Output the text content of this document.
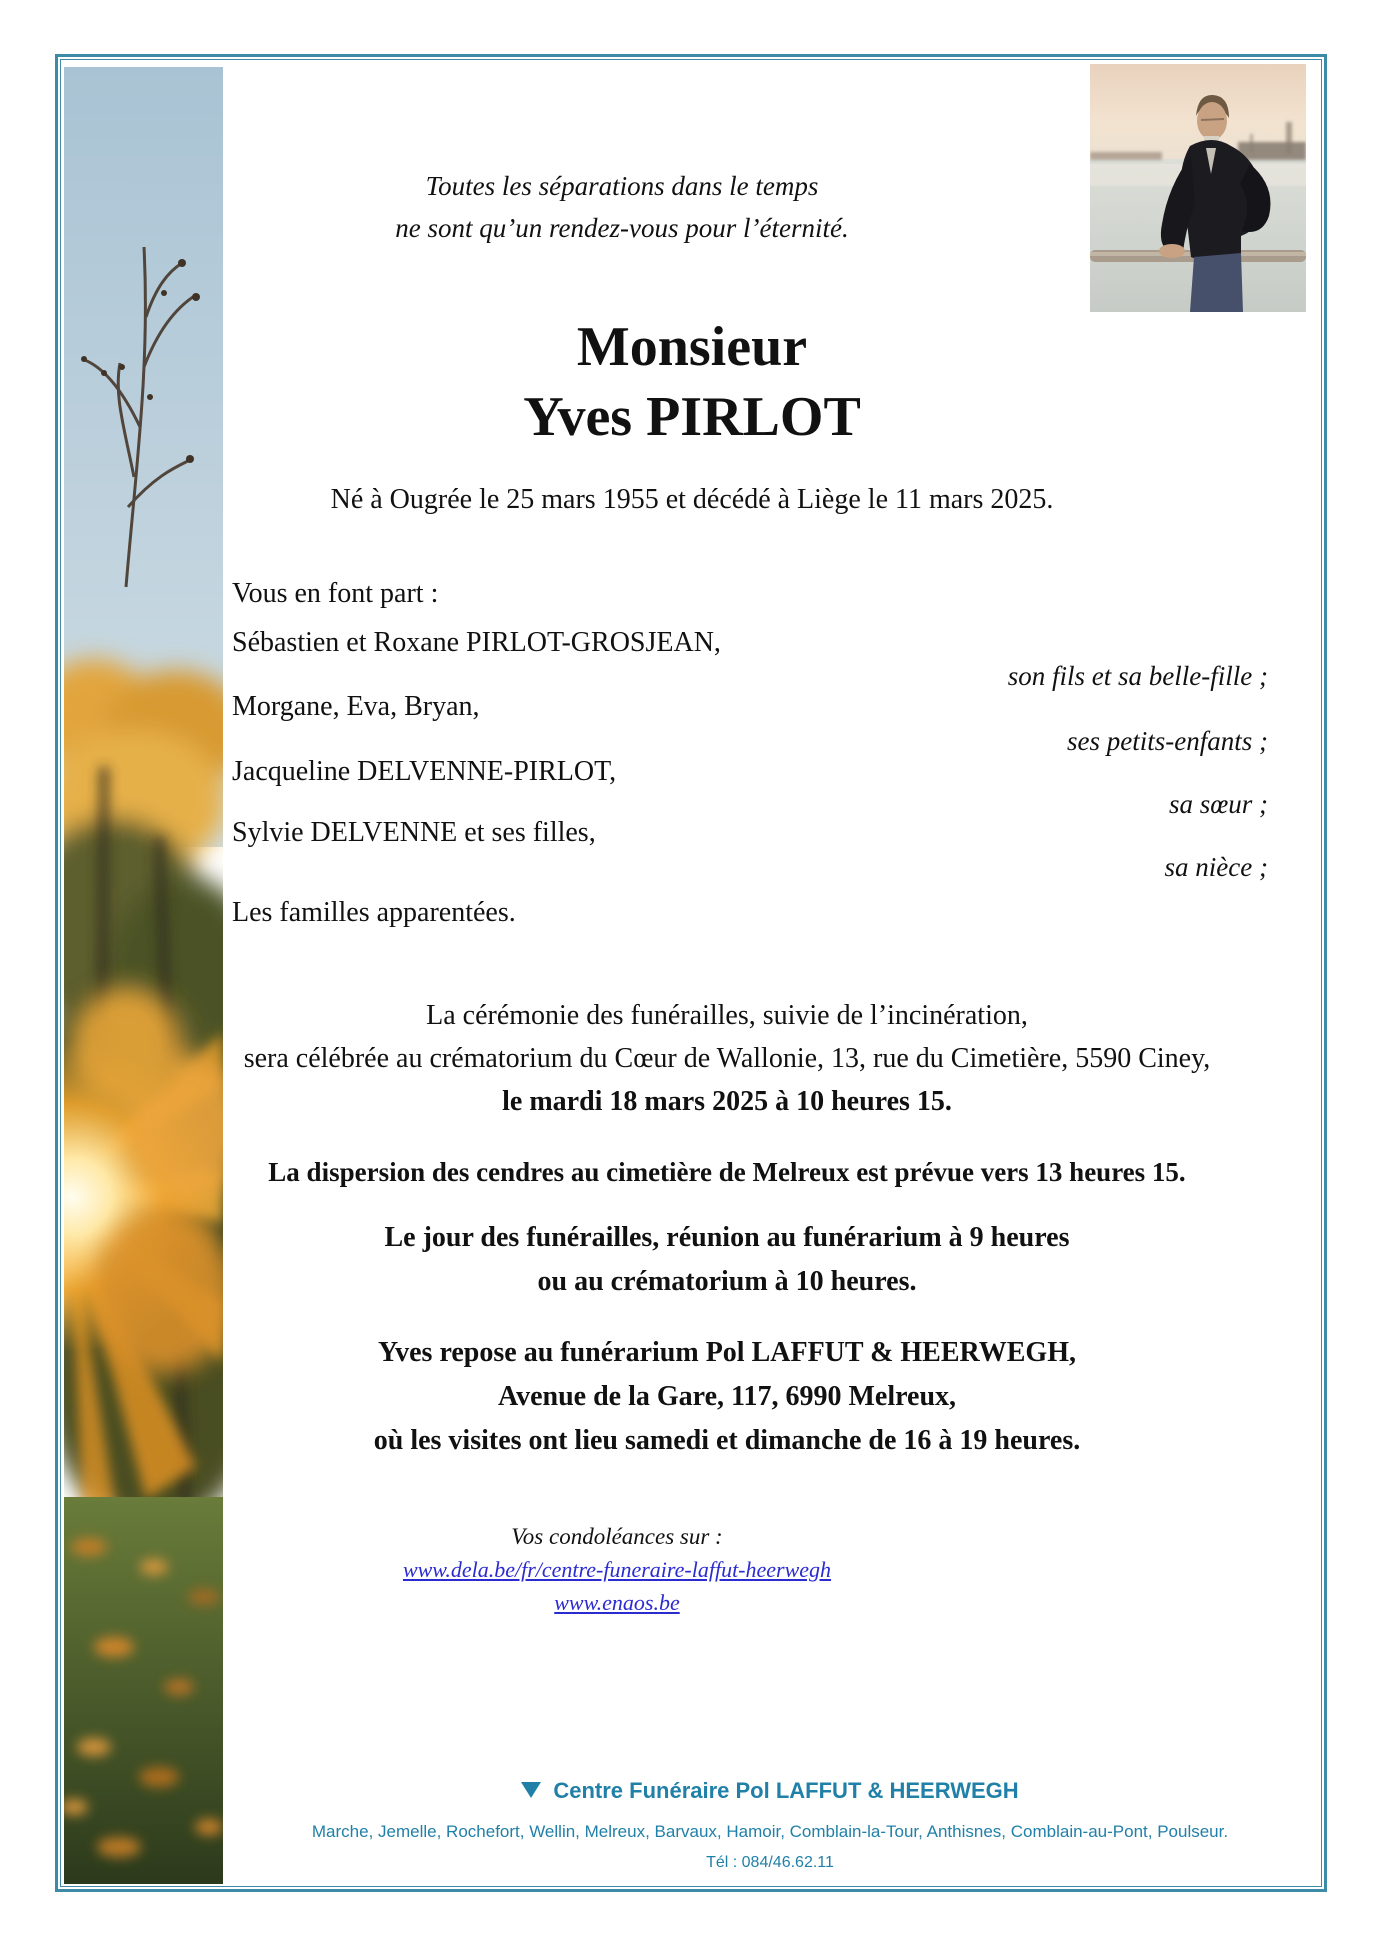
Toutes les séparations dans le temps
ne sont qu’un rendez-vous pour l’éternité.
Monsieur
Yves PIRLOT
Né à Ougrée le 25 mars 1955 et décédé à Liège le 11 mars 2025.
Vous en font part :
Sébastien et Roxane PIRLOT-GROSJEAN,
son fils et sa belle-fille ;
Morgane, Eva, Bryan,
ses petits-enfants ;
Jacqueline DELVENNE-PIRLOT,
sa sœur ;
Sylvie DELVENNE et ses filles,
sa nièce ;
Les familles apparentées.
La cérémonie des funérailles, suivie de l’incinération,
sera célébrée au crématorium du Cœur de Wallonie, 13, rue du Cimetière, 5590 Ciney,
le mardi 18 mars 2025 à 10 heures 15.
La dispersion des cendres au cimetière de Melreux est prévue vers 13 heures 15.
Le jour des funérailles, réunion au funérarium à 9 heures
ou au crématorium à 10 heures.
Yves repose au funérarium Pol LAFFUT & HEERWEGH,
Avenue de la Gare, 117, 6990 Melreux,
où les visites ont lieu samedi et dimanche de 16 à 19 heures.
Vos condoléances sur :
www.dela.be/fr/centre-funeraire-laffut-heerwegh
www.enaos.be
Centre Funéraire Pol LAFFUT & HEERWEGH
Marche, Jemelle, Rochefort, Wellin, Melreux, Barvaux, Hamoir, Comblain-la-Tour, Anthisnes, Comblain-au-Pont, Poulseur.
Tél : 084/46.62.11
